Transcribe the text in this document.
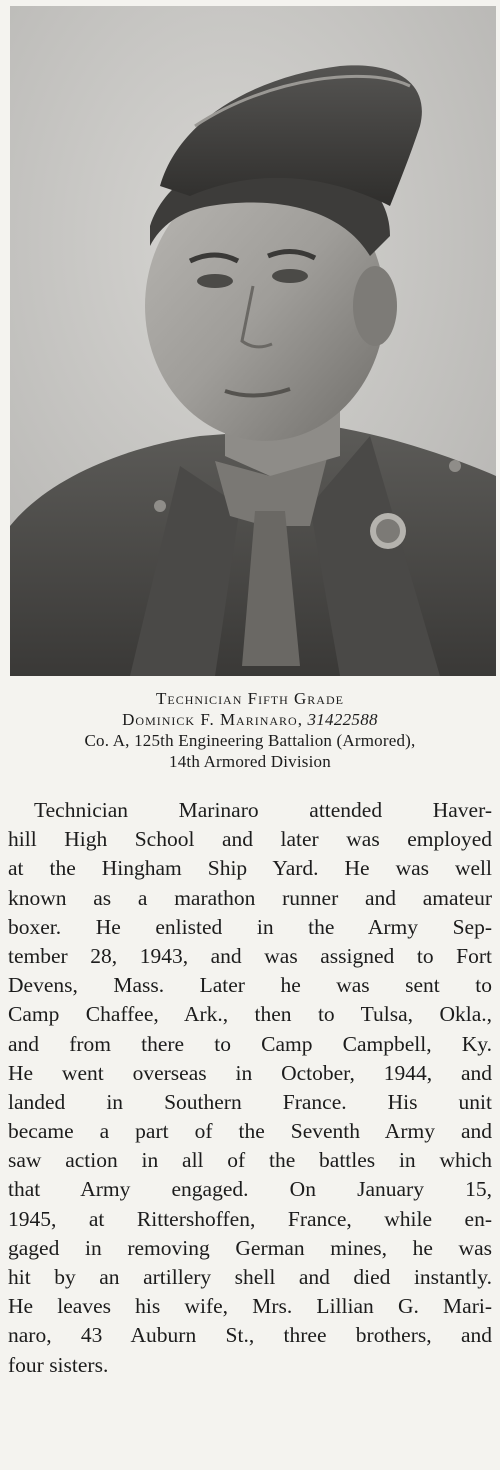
Technician Fifth Grade
Dominick F. Marinaro, 31422588
Co. A, 125th Engineering Battalion (Armored),
14th Armored Division
Technician Marinaro attended Haver-
hill High School and later was employed
at the Hingham Ship Yard. He was well
known as a marathon runner and amateur
boxer. He enlisted in the Army Sep-
tember 28, 1943, and was assigned to Fort
Devens, Mass. Later he was sent to
Camp Chaffee, Ark., then to Tulsa, Okla.,
and from there to Camp Campbell, Ky.
He went overseas in October, 1944, and
landed in Southern France. His unit
became a part of the Seventh Army and
saw action in all of the battles in which
that Army engaged. On January 15,
1945, at Rittershoffen, France, while en-
gaged in removing German mines, he was
hit by an artillery shell and died instantly.
He leaves his wife, Mrs. Lillian G. Mari-
naro, 43 Auburn St., three brothers, and
four sisters.
